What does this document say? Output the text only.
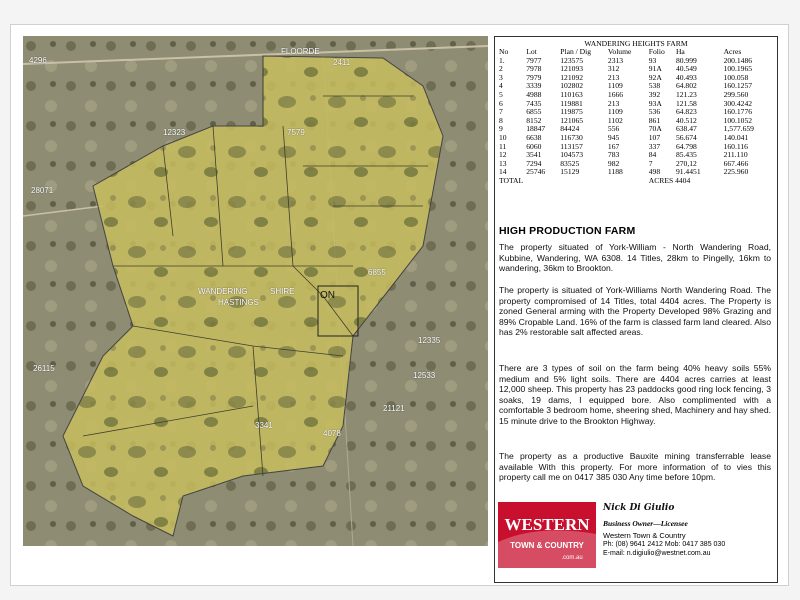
FLOORDE
WANDERING	SHIRE
HASTINGS
ON
4296
28071
7579
12323
6855
12335
26115
21121
4078
3341
12533
2411
WANDERING HEIGHTS FARM
No	Lot	Plan / Dig	Volume	Folio	Ha	Acres
1.	7977	123575	2313	93	80.999	200.1486
2	7978	121093	312	91A	40.549	100.1965
3	7979	121092	213	92A	40.493	100.058
4	3339	102802	1109	538	64.802	160.1257
5	4988	110163	1666	392	121.23	299.560
6	7435	119881	213	93A	121.58	300.4242
7	6855	119875	1109	536	64.823	160.1776
8	8152	121065	1102	861	40.512	100.1052
9	18847	84424	556	70A	638.47	1,577.659
10	6638	116730	945	107	56.674	140.041
11	6060	113157	167	337	64.798	160.116
12	3541	104573	783	84	85.435	211.110
13	7294	83525	982	7	270,12	667.466
14	25746	15129	1188	498	91.4451	225.960
TOTAL				ACRES 4404		
HIGH PRODUCTION FARM

The property situated of York-William - North Wandering Road, Kubbine, Wandering, WA 6308. 14 Titles, 28km to Pingelly, 16km to wandering, 36km to Brookton.

The property is situated of York-Williams North Wandering Road. The property compromised of 14 Titles, total 4404 acres. The Property is zoned General arming with the Property Developed 98% Grazing and 89% Cropable Land. 16% of the farm is classed farm land cleared. Also has 2% restorable salt affected areas.

There are 3 types of soil on the farm being 40% heavy soils 55% medium and 5% light soils. There are 4404 acres carries at least 12,000 sheep. This property has 23 paddocks good ring lock fencing, 3 soaks, 19 dams, I equipped bore. Also complimented with a comfortable 3 bedroom home, sheering shed, Machinery and hay shed. 15 minute drive to the Brookton Highway.

The property as a productive Bauxite mining transferrable lease available With this property. For more information of to vies this property call me on 0417 385 030 Any time before 10pm.

WESTERN
TOWN & COUNTRY
.com.au
Nick Di Giulio
Business Owner—Licensee
Western Town & Country
Ph: (08) 9641 2412 Mob: 0417 385 030
E-mail: n.digiulio@westnet.com.au
